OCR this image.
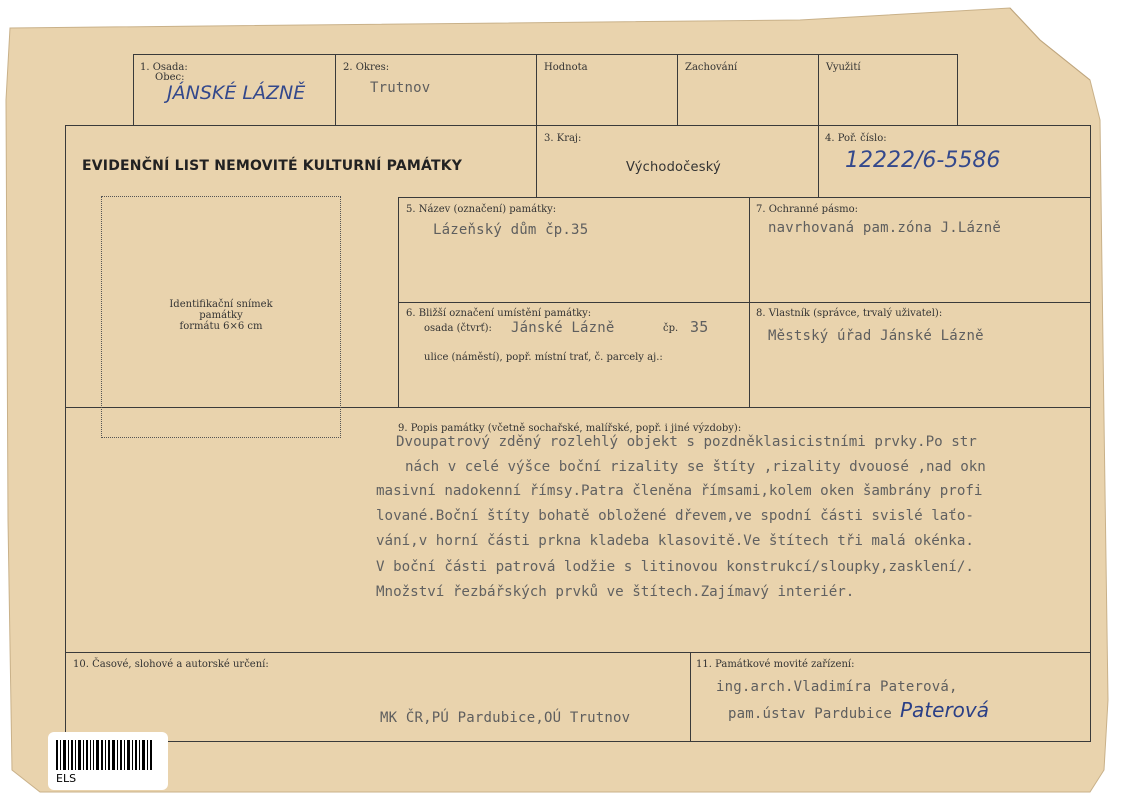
1. Osada:
Obec:
JÁNSKÉ LÁZNĚ
2. Okres:
Trutnov
Hodnota	Zachování	Využití
EVIDENČNÍ LIST NEMOVITÉ KULTURNÍ PAMÁTKY
3. Kraj:
Východočeský
4. Poř. číslo:
12222/6-5586
Identifikační snímek
památky
formátu 6×6 cm
5. Název (označení) památky:
Lázeňský dům čp.35
7. Ochranné pásmo:
navrhovaná pam.zóna J.Lázně
6. Bližší označení umístění památky:
osada (čtvrť): Jánské Lázně	čp. 35
ulice (náměstí), popř. místní trať, č. parcely aj.:
8. Vlastník (správce, trvalý uživatel):
Městský úřad Jánské Lázně
9. Popis památky (včetně sochařské, malířské, popř. i jiné výzdoby):
Dvoupatrový zděný rozlehlý objekt s pozdněklasicistními prvky.Po str
nách v celé výšce boční rizality se štíty ,rizality dvouosé ,nad okn
masivní nadokenní římsy.Patra členěna římsami,kolem oken šambrány profi
lované.Boční štíty bohatě obložené dřevem,ve spodní části svislé laťo-
vání,v horní části prkna kladeba klasovitě.Ve štítech tři malá okénka.
V boční části patrová lodžie s litinovou konstrukcí/sloupky,zasklení/.
Množství řezbářských prvků ve štítech.Zajímavý interiér.
10. Časové, slohové a autorské určení:
MK ČR,PÚ Pardubice,OÚ Trutnov
11. Památkové movité zařízení:
ing.arch.Vladimíra Paterová,
pam.ústav Pardubice Paterová
ELS
